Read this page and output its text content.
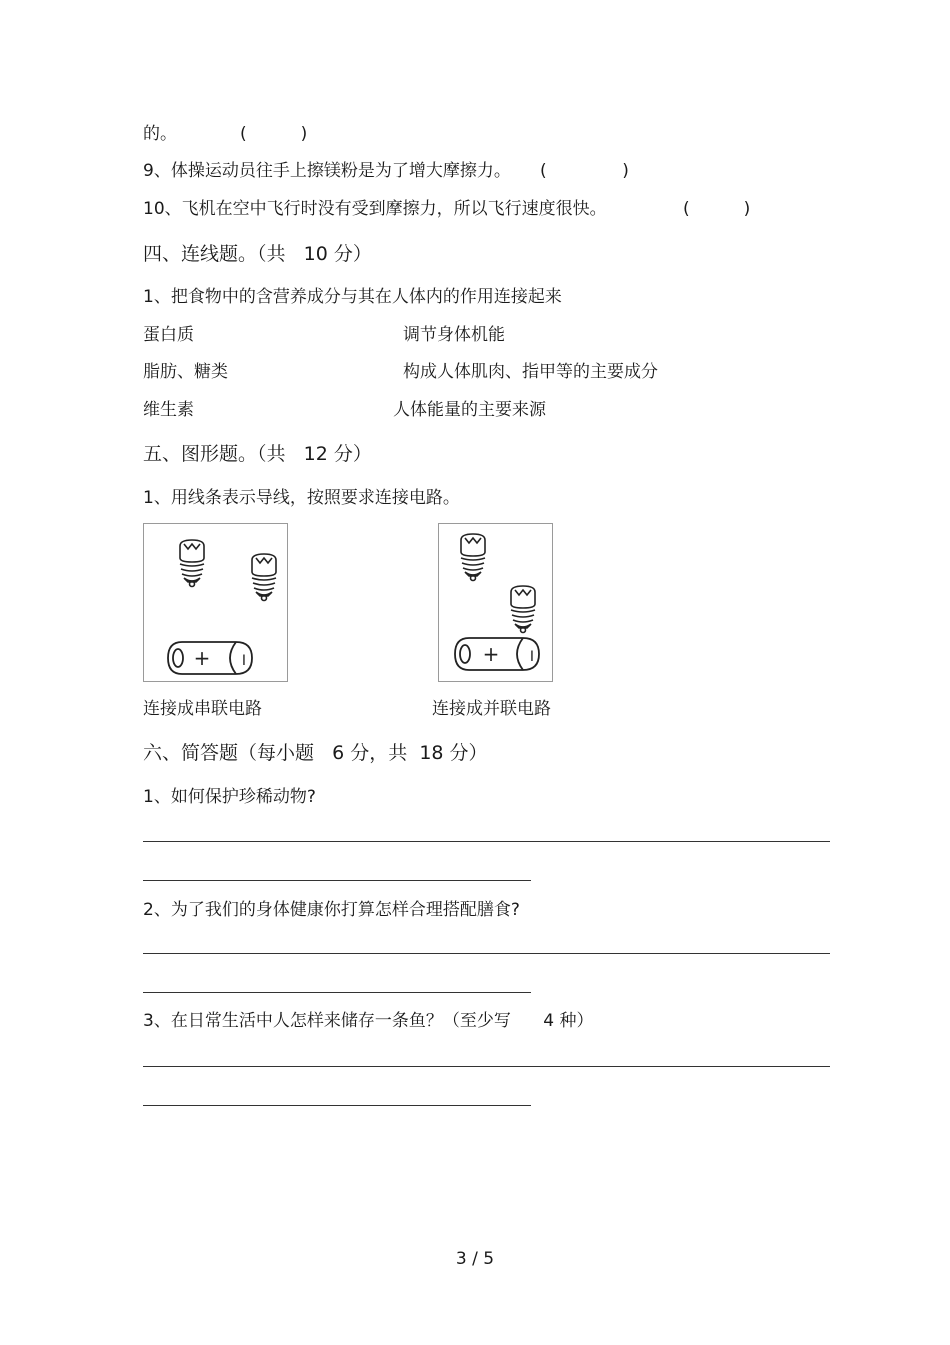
的。	(          )
9、体操运动员往手上擦镁粉是为了增大摩擦力。 (              )
10、飞机在空中飞行时没有受到摩擦力，所以飞行速度很快。	(          )
四、连线题。（共   10 分）
1、把食物中的含营养成分与其在人体内的作用连接起来
蛋白质	调节身体机能
脂肪、糖类	构成人体肌肉、指甲等的主要成分
维生素	人体能量的主要来源
五、图形题。（共   12 分）
1、用线条表示导线，按照要求连接电路。
+ I	+ I
连接成串联电路	连接成并联电路
六、简答题（每小题   6 分，共  18 分）
1、如何保护珍稀动物?
2、为了我们的身体健康你打算怎样合理搭配膳食?
3、在日常生活中人怎样来储存一条鱼？（至少写      4 种）
3 / 5
